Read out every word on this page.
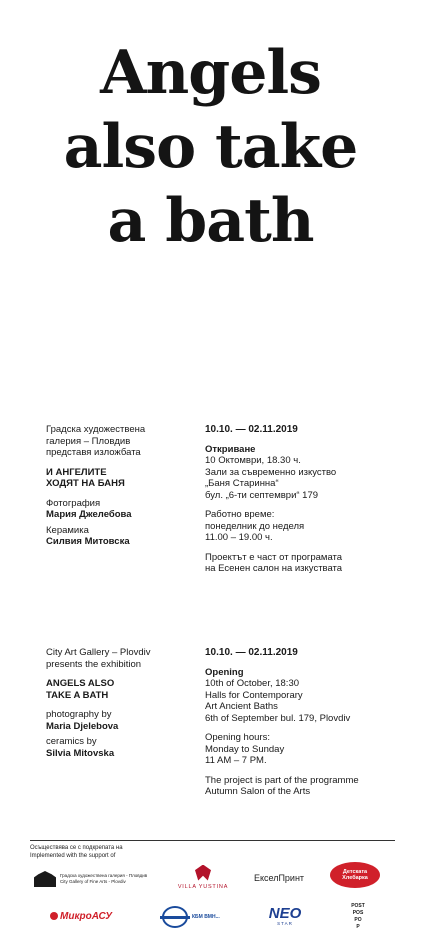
Angels
also take
a bath
Градска художествена
галерия – Пловдив
представя изложбата
И АНГЕЛИТЕ
ХОДЯТ НА БАНЯ
Фотография
Мария Джелебова
Керамика
Силвия Митовска
10.10. — 02.11.2019
Откриване
10 Октомври, 18.30 ч.
Зали за съвременно изкуство
„Баня Старинна“
бул. „6-ти септември“ 179
Работно време:
понеделник до неделя
11.00 – 19.00 ч.
Проектът е част от програмата
на Есенен салон на изкуствата
City Art Gallery – Plovdiv
presents the exhibition
ANGELS ALSO
TAKE A BATH
photography by
Maria Djelebova
ceramics by
Silvia Mitovska
10.10. — 02.11.2019
Opening
10th of October, 18:30
Halls for Contemporary
Art Ancient Baths
6th of September bul. 179, Plovdiv
Opening hours:
Monday to Sunday
11 AM – 7 PM.
The project is part of the programme
Autumn Salon of the Arts
Осъществява се с подкрепата на
Implemented with the support of
Градска художествена галерия - Пловдив
City Gallery of Fine Arts - Plovdiv
VILLA YUSTINA
ЕкселПринт
Детската Хлебарка
МикроАСУ	КБМ ВМН...	NEO
STAR
POST
POS
PO
P
